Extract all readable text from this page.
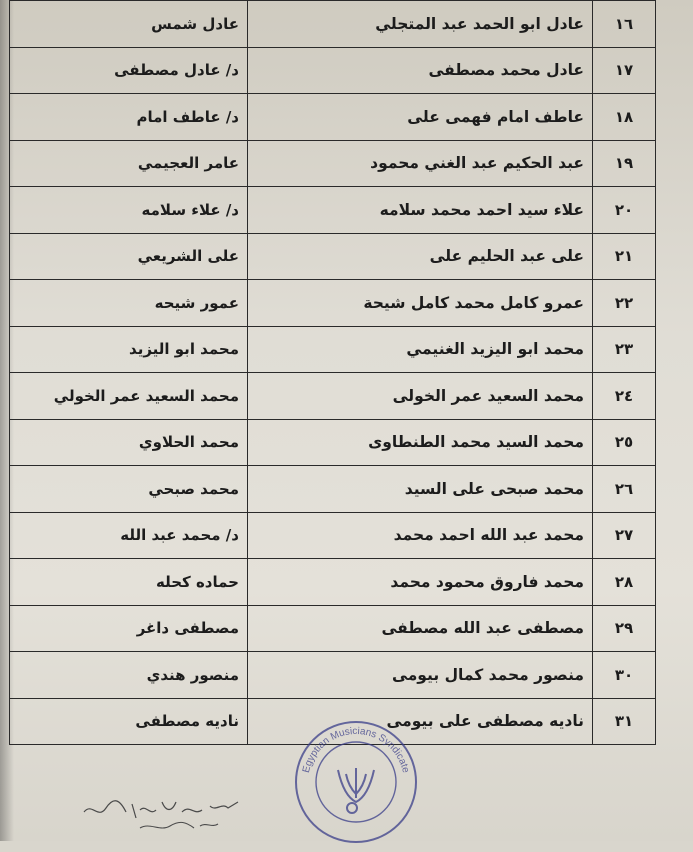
١٦	عادل ابو الحمد عبد المتجلي	عادل شمس
١٧	عادل محمد مصطفى	د/ عادل مصطفى
١٨	عاطف امام فهمى على	د/ عاطف امام
١٩	عبد الحكيم عبد الغني محمود	عامر العجيمي
٢٠	علاء سيد احمد محمد سلامه	د/ علاء سلامه
٢١	على عبد الحليم على	على الشريعي
٢٢	عمرو كامل محمد كامل شيحة	عمور شيحه
٢٣	محمد ابو اليزيد الغنيمي	محمد ابو اليزيد
٢٤	محمد السعيد عمر الخولى	محمد السعيد عمر الخولي
٢٥	محمد السيد محمد الطنطاوى	محمد الحلاوي
٢٦	محمد صبحى على السيد	محمد صبحي
٢٧	محمد عبد الله احمد محمد	د/ محمد عبد الله
٢٨	محمد فاروق محمود محمد	حماده كحله
٢٩	مصطفى عبد الله مصطفى	مصطفى داغر
٣٠	منصور محمد كمال بيومى	منصور هندي
٣١	ناديه مصطفى على بيومى	ناديه مصطفى
Egyptian Musicians Syndicate
